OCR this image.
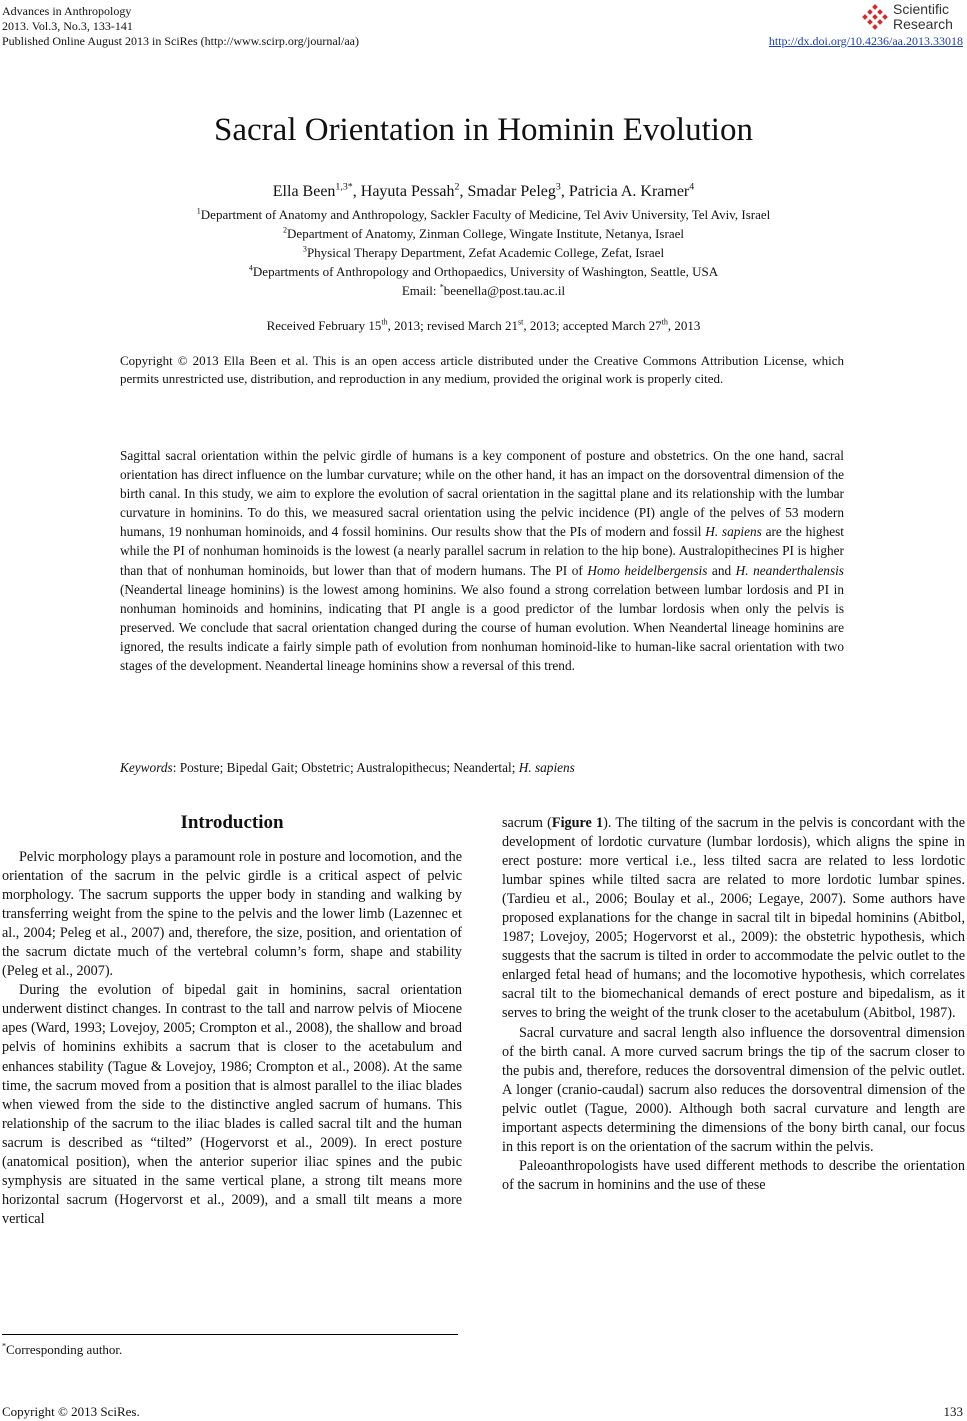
Advances in Anthropology
2013. Vol.3, No.3, 133-141
Published Online August 2013 in SciRes (http://www.scirp.org/journal/aa)	http://dx.doi.org/10.4236/aa.2013.33018
Scientific
Research
Sacral Orientation in Hominin Evolution
Ella Been$^{1,3*}$, Hayuta Pessah$^2$, Smadar Peleg$^3$, Patricia A. Kramer$^4$
$^1$Department of Anatomy and Anthropology, Sackler Faculty of Medicine, Tel Aviv University, Tel Aviv, Israel
$^2$Department of Anatomy, Zinman College, Wingate Institute, Netanya, Israel
$^3$Physical Therapy Department, Zefat Academic College, Zefat, Israel
$^4$Departments of Anthropology and Orthopaedics, University of Washington, Seattle, USA
Email: *beenella@post.tau.ac.il
Received February 15th, 2013; revised March 21st, 2013; accepted March 27th, 2013
Copyright © 2013 Ella Been et al. This is an open access article distributed under the Creative Commons Attribution License, which permits unrestricted use, distribution, and reproduction in any medium, provided the original work is properly cited.
Sagittal sacral orientation within the pelvic girdle of humans is a key component of posture and obstetrics. On the one hand, sacral orientation has direct influence on the lumbar curvature; while on the other hand, it has an impact on the dorsoventral dimension of the birth canal. In this study, we aim to explore the evolution of sacral orientation in the sagittal plane and its relationship with the lumbar curvature in hominins. To do this, we measured sacral orientation using the pelvic incidence (PI) angle of the pelves of 53 modern humans, 19 nonhuman hominoids, and 4 fossil hominins. Our results show that the PIs of modern and fossil H. sapiens are the highest while the PI of nonhuman hominoids is the lowest (a nearly parallel sacrum in relation to the hip bone). Australopithecines PI is higher than that of nonhuman hominoids, but lower than that of modern humans. The PI of Homo heidelbergensis and H. neanderthalensis (Neandertal lineage hominins) is the lowest among hominins. We also found a strong correlation between lumbar lordosis and PI in nonhuman hominoids and hominins, indicating that PI angle is a good predictor of the lumbar lordosis when only the pelvis is preserved. We conclude that sacral orientation changed during the course of human evolution. When Neandertal lineage hominins are ignored, the results indicate a fairly simple path of evolution from nonhuman hominoid-like to human-like sacral orientation with two stages of the development. Neandertal lineage hominins show a reversal of this trend.
Keywords: Posture; Bipedal Gait; Obstetric; Australopithecus; Neandertal; H. sapiens
Introduction

Pelvic morphology plays a paramount role in posture and locomotion, and the orientation of the sacrum in the pelvic girdle is a critical aspect of pelvic morphology. The sacrum supports the upper body in standing and walking by transferring weight from the spine to the pelvis and the lower limb (Lazennec et al., 2004; Peleg et al., 2007) and, therefore, the size, position, and orientation of the sacrum dictate much of the vertebral column’s form, shape and stability (Peleg et al., 2007).

During the evolution of bipedal gait in hominins, sacral orientation underwent distinct changes. In contrast to the tall and narrow pelvis of Miocene apes (Ward, 1993; Lovejoy, 2005; Crompton et al., 2008), the shallow and broad pelvis of hominins exhibits a sacrum that is closer to the acetabulum and enhances stability (Tague & Lovejoy, 1986; Crompton et al., 2008). At the same time, the sacrum moved from a position that is almost parallel to the iliac blades when viewed from the side to the distinctive angled sacrum of humans. This relationship of the sacrum to the iliac blades is called sacral tilt and the human sacrum is described as “tilted” (Hogervorst et al., 2009). In erect posture (anatomical position), when the anterior superior iliac spines and the pubic symphysis are situated in the same vertical plane, a strong tilt means more horizontal sacrum (Hogervorst et al., 2009), and a small tilt means a more vertical

sacrum (Figure 1). The tilting of the sacrum in the pelvis is concordant with the development of lordotic curvature (lumbar lordosis), which aligns the spine in erect posture: more vertical i.e., less tilted sacra are related to less lordotic lumbar spines while tilted sacra are related to more lordotic lumbar spines. (Tardieu et al., 2006; Boulay et al., 2006; Legaye, 2007). Some authors have proposed explanations for the change in sacral tilt in bipedal hominins (Abitbol, 1987; Lovejoy, 2005; Hogervorst et al., 2009): the obstetric hypothesis, which suggests that the sacrum is tilted in order to accommodate the pelvic outlet to the enlarged fetal head of humans; and the locomotive hypothesis, which correlates sacral tilt to the biomechanical demands of erect posture and bipedalism, as it serves to bring the weight of the trunk closer to the acetabulum (Abitbol, 1987).

Sacral curvature and sacral length also influence the dorsoventral dimension of the birth canal. A more curved sacrum brings the tip of the sacrum closer to the pubis and, therefore, reduces the dorsoventral dimension of the pelvic outlet. A longer (cranio-caudal) sacrum also reduces the dorsoventral dimension of the pelvic outlet (Tague, 2000). Although both sacral curvature and length are important aspects determining the dimensions of the bony birth canal, our focus in this report is on the orientation of the sacrum within the pelvis.

Paleoanthropologists have used different methods to describe the orientation of the sacrum in hominins and the use of these

*Corresponding author.
Copyright © 2013 SciRes.	133
